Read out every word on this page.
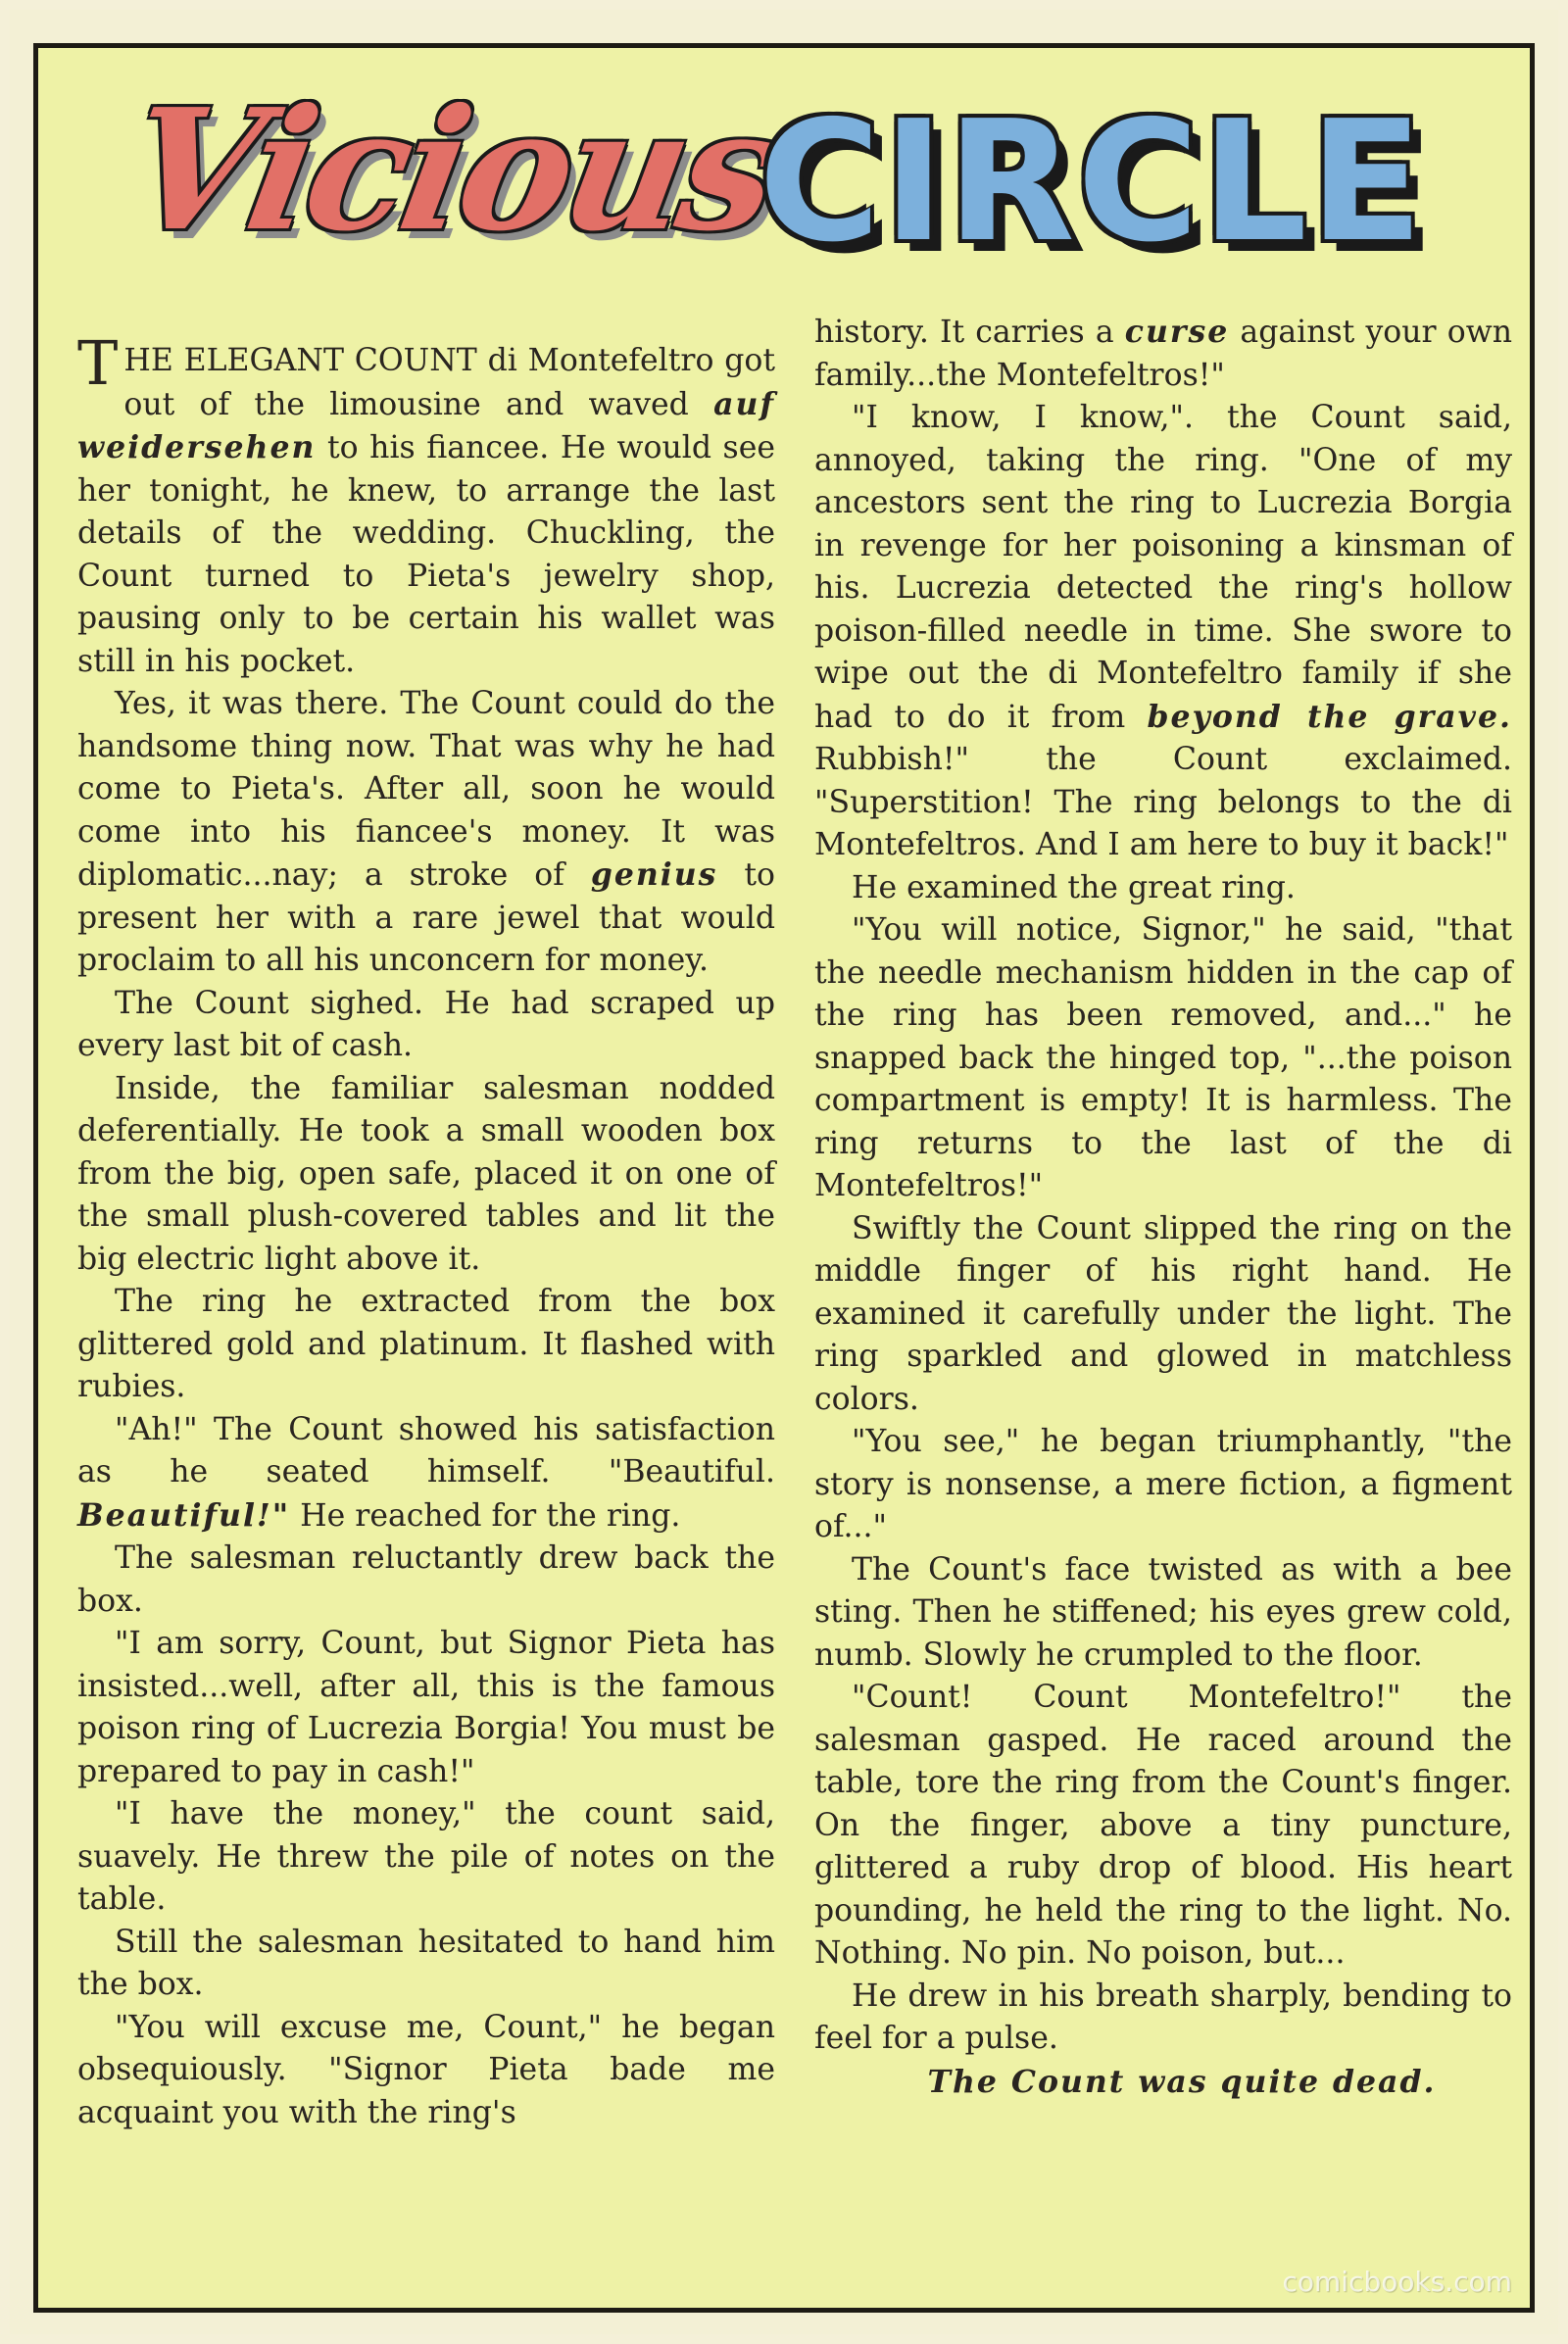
Vicious
CIRCLE

THE ELEGANT COUNT di Montefeltro got out of the limousine and waved auf weidersehen to his fiancee. He would see her tonight, he knew, to arrange the last details of the wedding. Chuckling, the Count turned to Pieta's jewelry shop, pausing only to be certain his wallet was still in his pocket.

Yes, it was there. The Count could do the handsome thing now. That was why he had come to Pieta's. After all, soon he would come into his fiancee's money. It was diplomatic...nay; a stroke of genius to present her with a rare jewel that would proclaim to all his unconcern for money.

The Count sighed. He had scraped up every last bit of cash.

Inside, the familiar salesman nodded deferentially. He took a small wooden box from the big, open safe, placed it on one of the small plush-covered tables and lit the big electric light above it.

The ring he extracted from the box glittered gold and platinum. It flashed with rubies.

"Ah!" The Count showed his satisfaction as he seated himself. "Beautiful. Beautiful!" He reached for the ring.

The salesman reluctantly drew back the box.

"I am sorry, Count, but Signor Pieta has insisted...well, after all, this is the famous poison ring of Lucrezia Borgia! You must be prepared to pay in cash!"

"I have the money," the count said, suavely. He threw the pile of notes on the table.

Still the salesman hesitated to hand him the box.

"You will excuse me, Count," he began obsequiously. "Signor Pieta bade me acquaint you with the ring's

history. It carries a curse against your own family...the Montefeltros!"

"I know, I know,". the Count said, annoyed, taking the ring. "One of my ancestors sent the ring to Lucrezia Borgia in revenge for her poisoning a kinsman of his. Lucrezia detected the ring's hollow poison-filled needle in time. She swore to wipe out the di Montefeltro family if she had to do it from beyond the grave. Rubbish!" the Count exclaimed. "Superstition! The ring belongs to the di Montefeltros. And I am here to buy it back!"

He examined the great ring.

"You will notice, Signor," he said, "that the needle mechanism hidden in the cap of the ring has been removed, and..." he snapped back the hinged top, "...the poison compartment is empty! It is harmless. The ring returns to the last of the di Montefeltros!"

Swiftly the Count slipped the ring on the middle finger of his right hand. He examined it carefully under the light. The ring sparkled and glowed in matchless colors.

"You see," he began triumphantly, "the story is nonsense, a mere fiction, a figment of..."

The Count's face twisted as with a bee sting. Then he stiffened; his eyes grew cold, numb. Slowly he crumpled to the floor.

"Count! Count Montefeltro!" the salesman gasped. He raced around the table, tore the ring from the Count's finger. On the finger, above a tiny puncture, glittered a ruby drop of blood. His heart pounding, he held the ring to the light. No. Nothing. No pin. No poison, but...

He drew in his breath sharply, bending to feel for a pulse.

The Count was quite dead.

comicbooks.com
